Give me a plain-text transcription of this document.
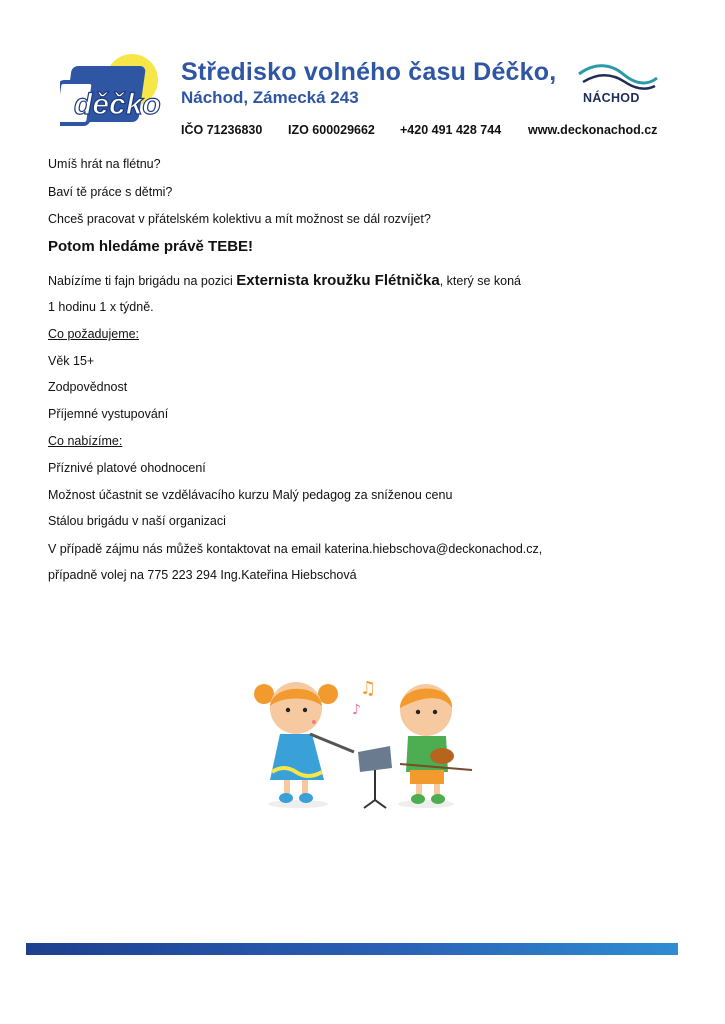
děčko
Středisko volného času Déčko,
Náchod, Zámecká 243
IČO 71236830 IZO 600029662 +420 491 428 744 www.deckonachod.cz
NÁCHOD
Umíš hrát na flétnu?
Baví tě práce s dětmi?
Chceš pracovat v přátelském kolektivu a mít možnost se dál rozvíjet?
Potom hledáme právě TEBE!
Nabízíme ti fajn brigádu na pozici Externista kroužku Flétnička, který se koná
1 hodinu 1 x týdně.
Co požadujeme:
Věk 15+
Zodpovědnost
Příjemné vystupování
Co nabízíme:
Příznivé platové ohodnocení
Možnost účastnit se vzdělávacího kurzu Malý pedagog za sníženou cenu
Stálou brigádu v naší organizaci
V případě zájmu nás můžeš kontaktovat na email katerina.hiebschova@deckonachod.cz,
případně volej na 775 223 294 Ing.Kateřina Hiebschová
♫
♪
